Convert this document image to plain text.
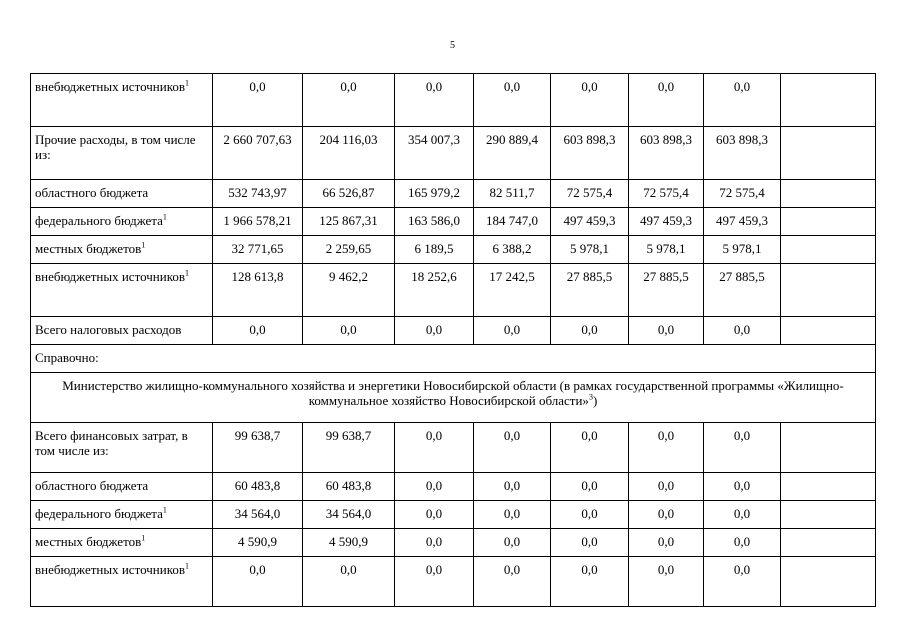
5
внебюджетных источников$^1$	0,0	0,0	0,0	0,0	0,0	0,0	0,0	
Прочие расходы, в том числе из:	2 660 707,63	204 116,03	354 007,3	290 889,4	603 898,3	603 898,3	603 898,3	
областного бюджета	532 743,97	66 526,87	165 979,2	82 511,7	72 575,4	72 575,4	72 575,4	
федерального бюджета$^1$	1 966 578,21	125 867,31	163 586,0	184 747,0	497 459,3	497 459,3	497 459,3	
местных бюджетов$^1$	32 771,65	2 259,65	6 189,5	6 388,2	5 978,1	5 978,1	5 978,1	
внебюджетных источников$^1$	128 613,8	9 462,2	18 252,6	17 242,5	27 885,5	27 885,5	27 885,5	
Всего налоговых расходов	0,0	0,0	0,0	0,0	0,0	0,0	0,0	
Справочно:								
Министерство жилищно-коммунального хозяйства и энергетики Новосибирской области (в рамках государственной программы «Жилищно-коммунальное хозяйство Новосибирской области»$^3$)								
Всего финансовых затрат, в том числе из:	99 638,7	99 638,7	0,0	0,0	0,0	0,0	0,0	
областного бюджета	60 483,8	60 483,8	0,0	0,0	0,0	0,0	0,0	
федерального бюджета$^1$	34 564,0	34 564,0	0,0	0,0	0,0	0,0	0,0	
местных бюджетов$^1$	4 590,9	4 590,9	0,0	0,0	0,0	0,0	0,0	
внебюджетных источников$^1$	0,0	0,0	0,0	0,0	0,0	0,0	0,0	
